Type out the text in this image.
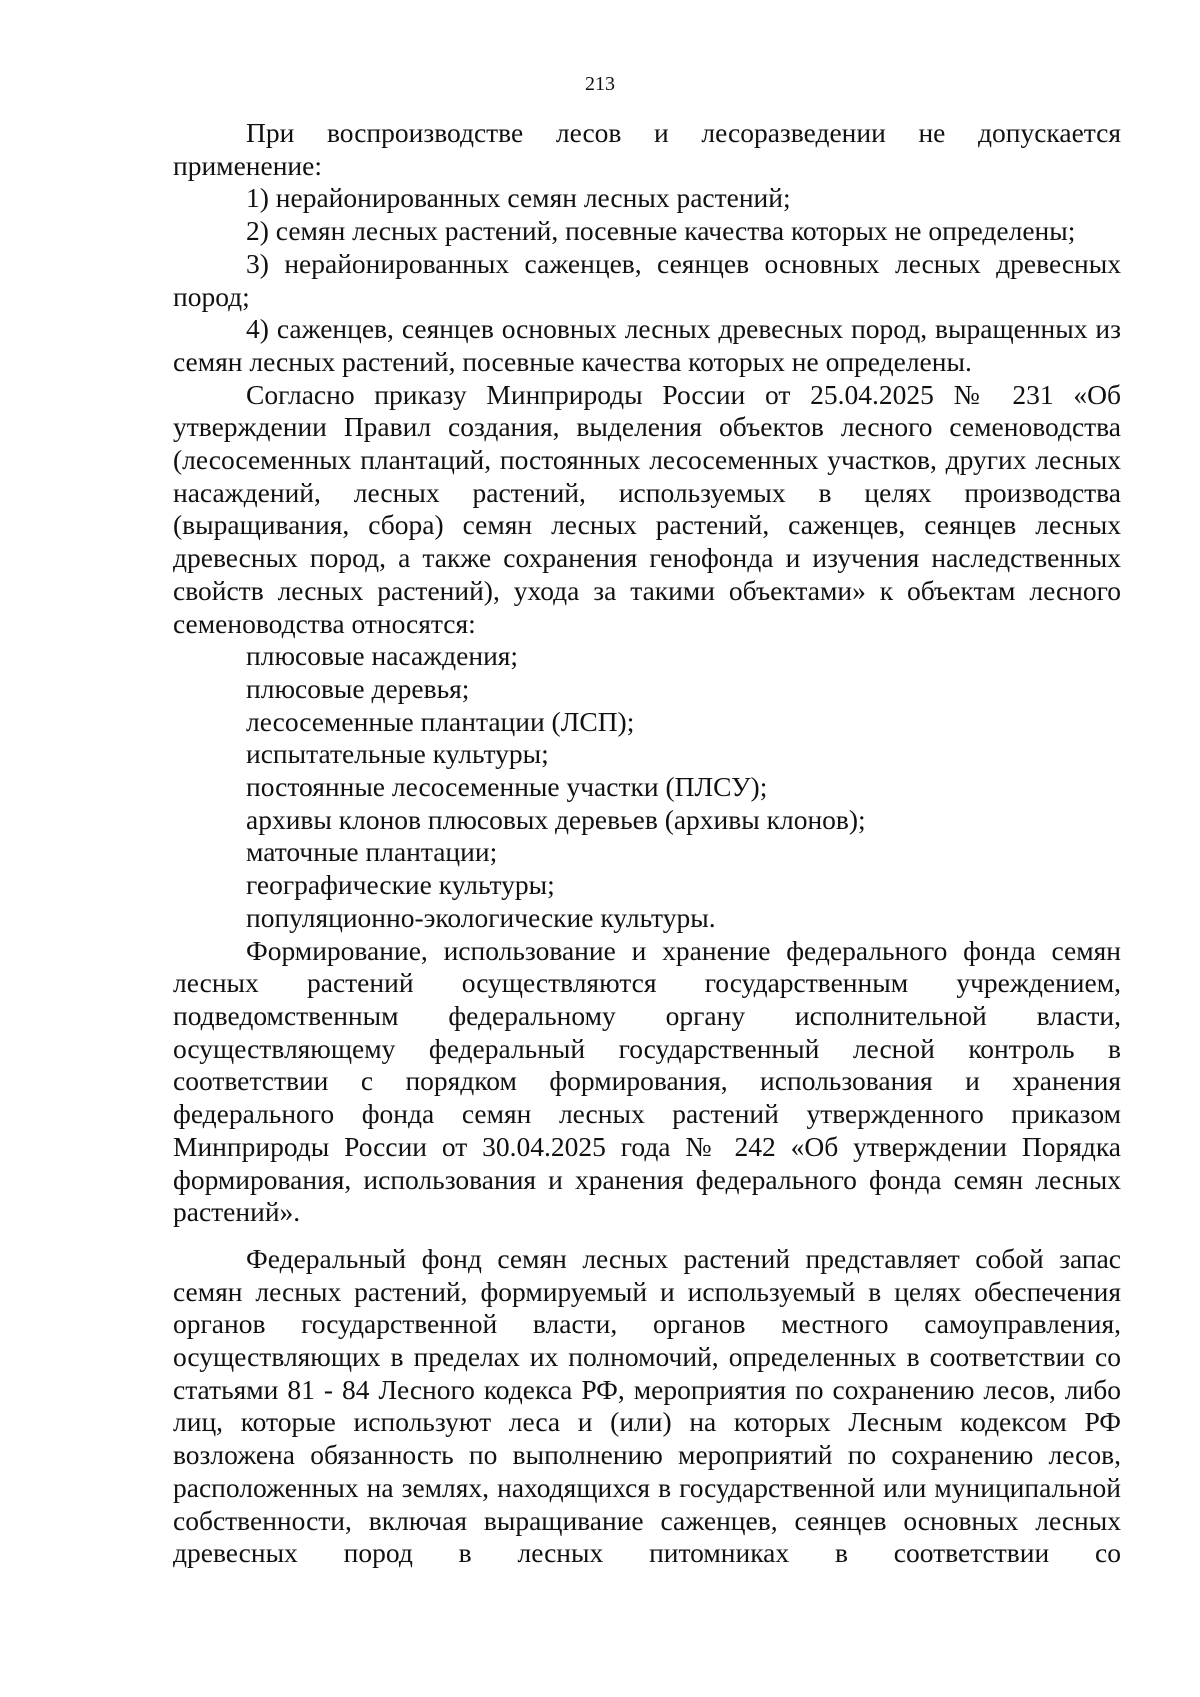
213

При воспроизводстве лесов и лесоразведении не допускается применение:

1) нерайонированных семян лесных растений;

2) семян лесных растений, посевные качества которых не определены;

3) нерайонированных саженцев, сеянцев основных лесных древесных пород;

4) саженцев, сеянцев основных лесных древесных пород, выращенных из семян лесных растений, посевные качества которых не определены.

Согласно приказу Минприроды России от 25.04.2025 № 231 «Об утверждении Правил создания, выделения объектов лесного семеноводства (лесосеменных плантаций, постоянных лесосеменных участков, других лесных насаждений, лесных растений, используемых в целях производства (выращивания, сбора) семян лесных растений, саженцев, сеянцев лесных древесных пород, а также сохранения генофонда и изучения наследственных свойств лесных растений), ухода за такими объектами» к объектам лесного семеноводства относятся:

плюсовые насаждения;

плюсовые деревья;

лесосеменные плантации (ЛСП);

испытательные культуры;

постоянные лесосеменные участки (ПЛСУ);

архивы клонов плюсовых деревьев (архивы клонов);

маточные плантации;

географические культуры;

популяционно-экологические культуры.

Формирование, использование и хранение федерального фонда семян лесных растений осуществляются государственным учреждением, подведомственным федеральному органу исполнительной власти, осуществляющему федеральный государственный лесной контроль в соответствии с порядком формирования, использования и хранения федерального фонда семян лесных растений утвержденного приказом Минприроды России от 30.04.2025 года № 242 «Об утверждении Порядка формирования, использования и хранения федерального фонда семян лесных растений».

Федеральный фонд семян лесных растений представляет собой запас семян лесных растений, формируемый и используемый в целях обеспечения органов государственной власти, органов местного самоуправления, осуществляющих в пределах их полномочий, определенных в соответствии со статьями 81 - 84 Лесного кодекса РФ, мероприятия по сохранению лесов, либо лиц, которые используют леса и (или) на которых Лесным кодексом РФ возложена обязанность по выполнению мероприятий по сохранению лесов, расположенных на землях, находящихся в государственной или муниципальной собственности, включая выращивание саженцев, сеянцев основных лесных древесных пород в лесных питомниках в соответствии со
